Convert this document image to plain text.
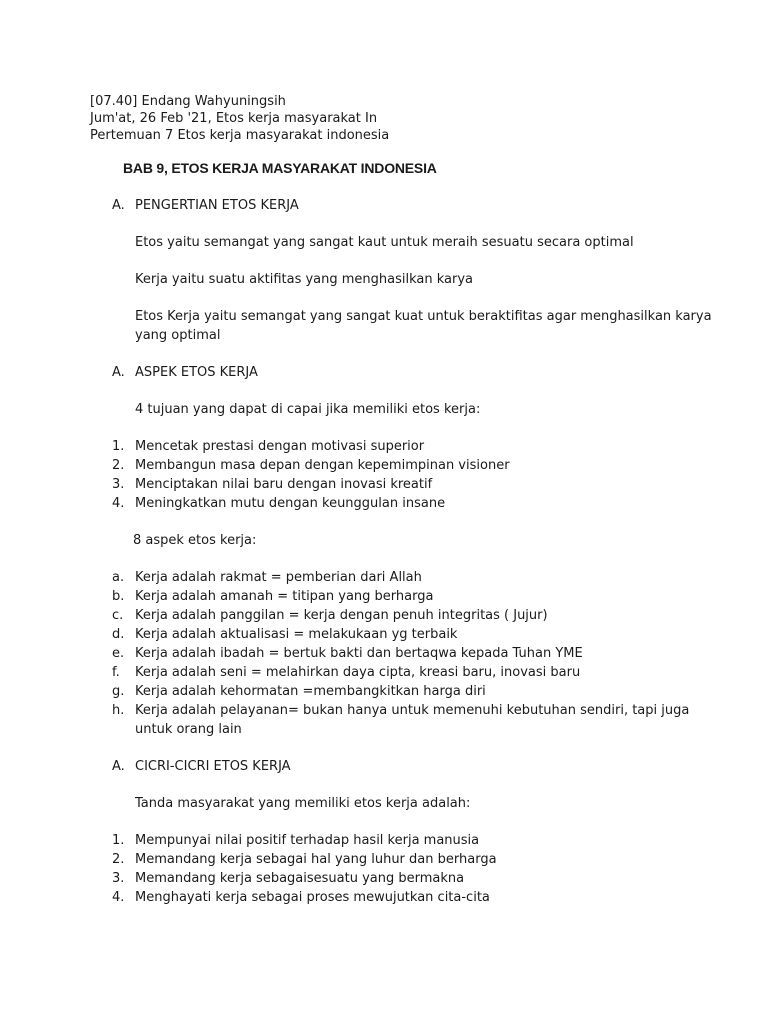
[07.40] Endang Wahyuningsih
Jum'at, 26 Feb '21, Etos kerja masyarakat In
Pertemuan 7 Etos kerja masyarakat indonesia
BAB 9, ETOS KERJA MASYARAKAT INDONESIA
A. PENGERTIAN ETOS KERJA
Etos yaitu semangat yang sangat kaut untuk meraih sesuatu secara optimal
Kerja yaitu suatu aktifitas yang menghasilkan karya
Etos Kerja yaitu semangat yang sangat kuat untuk beraktifitas agar menghasilkan karya
yang optimal
A. ASPEK ETOS KERJA
4 tujuan yang dapat di capai jika memiliki etos kerja:
1. Mencetak prestasi dengan motivasi superior
2. Membangun masa depan dengan kepemimpinan visioner
3. Menciptakan nilai baru dengan inovasi kreatif
4. Meningkatkan mutu dengan keunggulan insane
8 aspek etos kerja:
a. Kerja adalah rakmat = pemberian dari Allah
b. Kerja adalah amanah = titipan yang berharga
c. Kerja adalah panggilan = kerja dengan penuh integritas ( Jujur)
d. Kerja adalah aktualisasi = melakukaan yg terbaik
e. Kerja adalah ibadah = bertuk bakti dan bertaqwa kepada Tuhan YME
f. Kerja adalah seni = melahirkan daya cipta, kreasi baru, inovasi baru
g. Kerja adalah kehormatan =membangkitkan harga diri
h. Kerja adalah pelayanan= bukan hanya untuk memenuhi kebutuhan sendiri, tapi juga
untuk orang lain
A. CICRI-CICRI ETOS KERJA
Tanda masyarakat yang memiliki etos kerja adalah:
1. Mempunyai nilai positif terhadap hasil kerja manusia
2. Memandang kerja sebagai hal yang luhur dan berharga
3. Memandang kerja sebagaisesuatu yang bermakna
4. Menghayati kerja sebagai proses mewujutkan cita-cita
